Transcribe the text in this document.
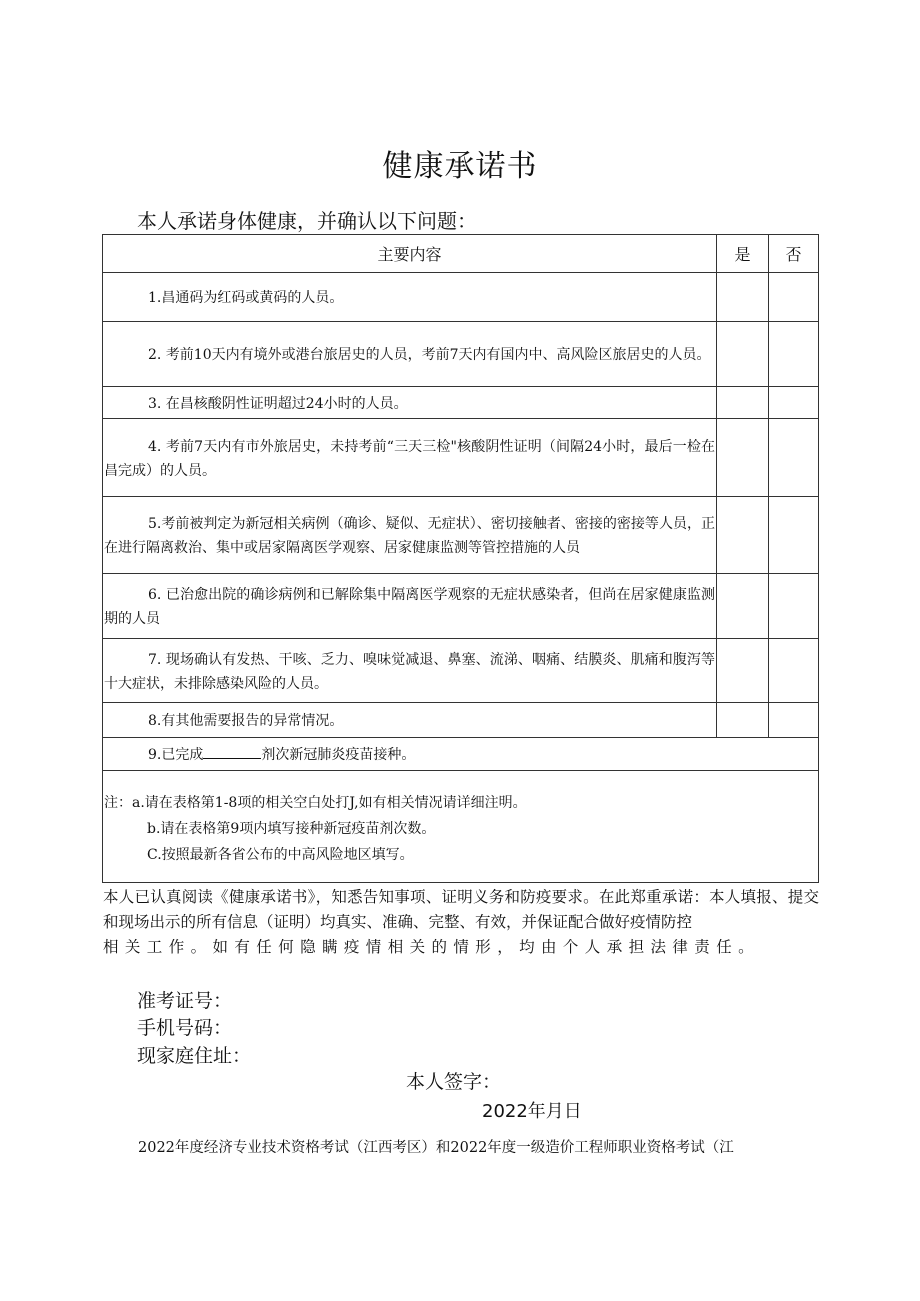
健康承诺书
本人承诺身体健康，并确认以下问题：
主要内容	是	否
1.昌通码为红码或黄码的人员。		
2. 考前10天内有境外或港台旅居史的人员，考前7天内有国内中、高风险区旅居史的人员。		
3. 在昌核酸阴性证明超过24小时的人员。		
4. 考前7天内有市外旅居史，未持考前“三天三检"核酸阴性证明（间隔24小时，最后一检在昌完成）的人员。		
5.考前被判定为新冠相关病例（确诊、疑似、无症状）、密切接触者、密接的密接等人员，正在进行隔离救治、集中或居家隔离医学观察、居家健康监测等管控措施的人员		
6. 已治愈出院的确诊病例和已解除集中隔离医学观察的无症状感染者，但尚在居家健康监测期的人员		
7. 现场确认有发热、干咳、乏力、嗅味觉减退、鼻塞、流涕、咽痛、结膜炎、肌痛和腹泻等十大症状，未排除感染风险的人员。		
8.有其他需要报告的异常情况。		
9.已完成 剂次新冠肺炎疫苗接种。		

注：a.请在表格第1-8项的相关空白处打J,如有相关情况请详细注明。
b.请在表格第9项内填写接种新冠疫苗剂次数。
C.按照最新各省公布的中高风险地区填写。		
本人已认真阅读《健康承诺书》，知悉告知事项、证明义务和防疫要求。在此郑重承诺：本人填报、提交和现场出示的所有信息（证明）均真实、准确、完整、有效，并保证配合做好疫情防控
相关工作。如有任何隐瞒疫情相关的情形，均由个人承担法律责任。
准考证号：
手机号码：
现家庭住址：
本人签字：
2022年月日
2022年度经济专业技术资格考试（江西考区）和2022年度一级造价工程师职业资格考试（江
